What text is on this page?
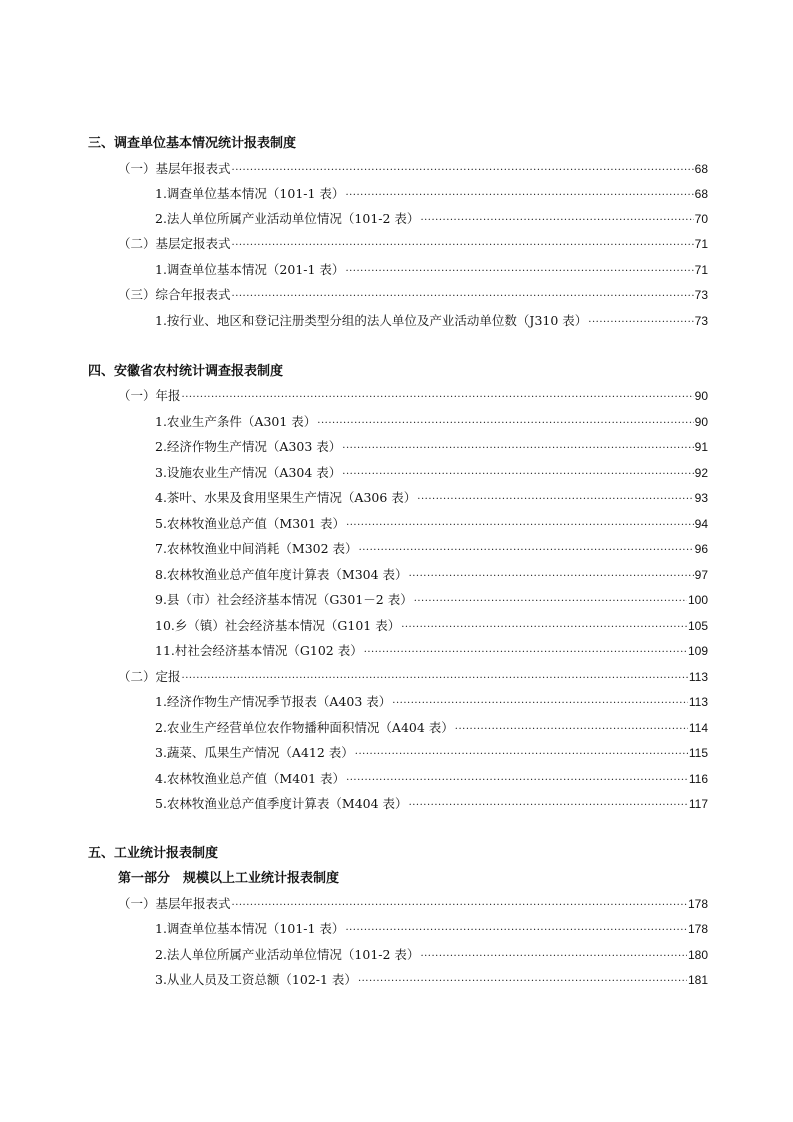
三、调查单位基本情况统计报表制度
（一）基层年报表式 ·····	68
1.调查单位基本情况（101-1 表） ·····	68
2.法人单位所属产业活动单位情况（101-2 表） ·····	70
（二）基层定报表式 ·····	71
1.调查单位基本情况（201-1 表） ·····	71
（三）综合年报表式 ·····	73
1.按行业、地区和登记注册类型分组的法人单位及产业活动单位数（J310 表） ·····	73
四、安徽省农村统计调查报表制度
（一）年报 ·····	90
1.农业生产条件（A301 表） ·····	90
2.经济作物生产情况（A303 表） ·····	91
3.设施农业生产情况（A304 表） ·····	92
4.茶叶、水果及食用坚果生产情况（A306 表） ·····	93
5.农林牧渔业总产值（M301 表） ·····	94
7.农林牧渔业中间消耗（M302 表） ·····	96
8.农林牧渔业总产值年度计算表（M304 表） ·····	97
9.县（市）社会经济基本情况（G301－2 表） ·····	100
10.乡（镇）社会经济基本情况（G101 表） ·····	105
11.村社会经济基本情况（G102 表） ·····	109
（二）定报 ·····	113
1.经济作物生产情况季节报表（A403 表） ·····	113
2.农业生产经营单位农作物播种面积情况（A404 表） ·····	114
3.蔬菜、瓜果生产情况（A412 表） ·····	115
4.农林牧渔业总产值（M401 表） ·····	116
5.农林牧渔业总产值季度计算表（M404 表） ·····	117
五、工业统计报表制度
第一部分　规模以上工业统计报表制度
（一）基层年报表式 ·····	178
1.调查单位基本情况（101-1 表） ·····	178
2.法人单位所属产业活动单位情况（101-2 表） ·····	180
3.从业人员及工资总额（102-1 表） ·····	181
